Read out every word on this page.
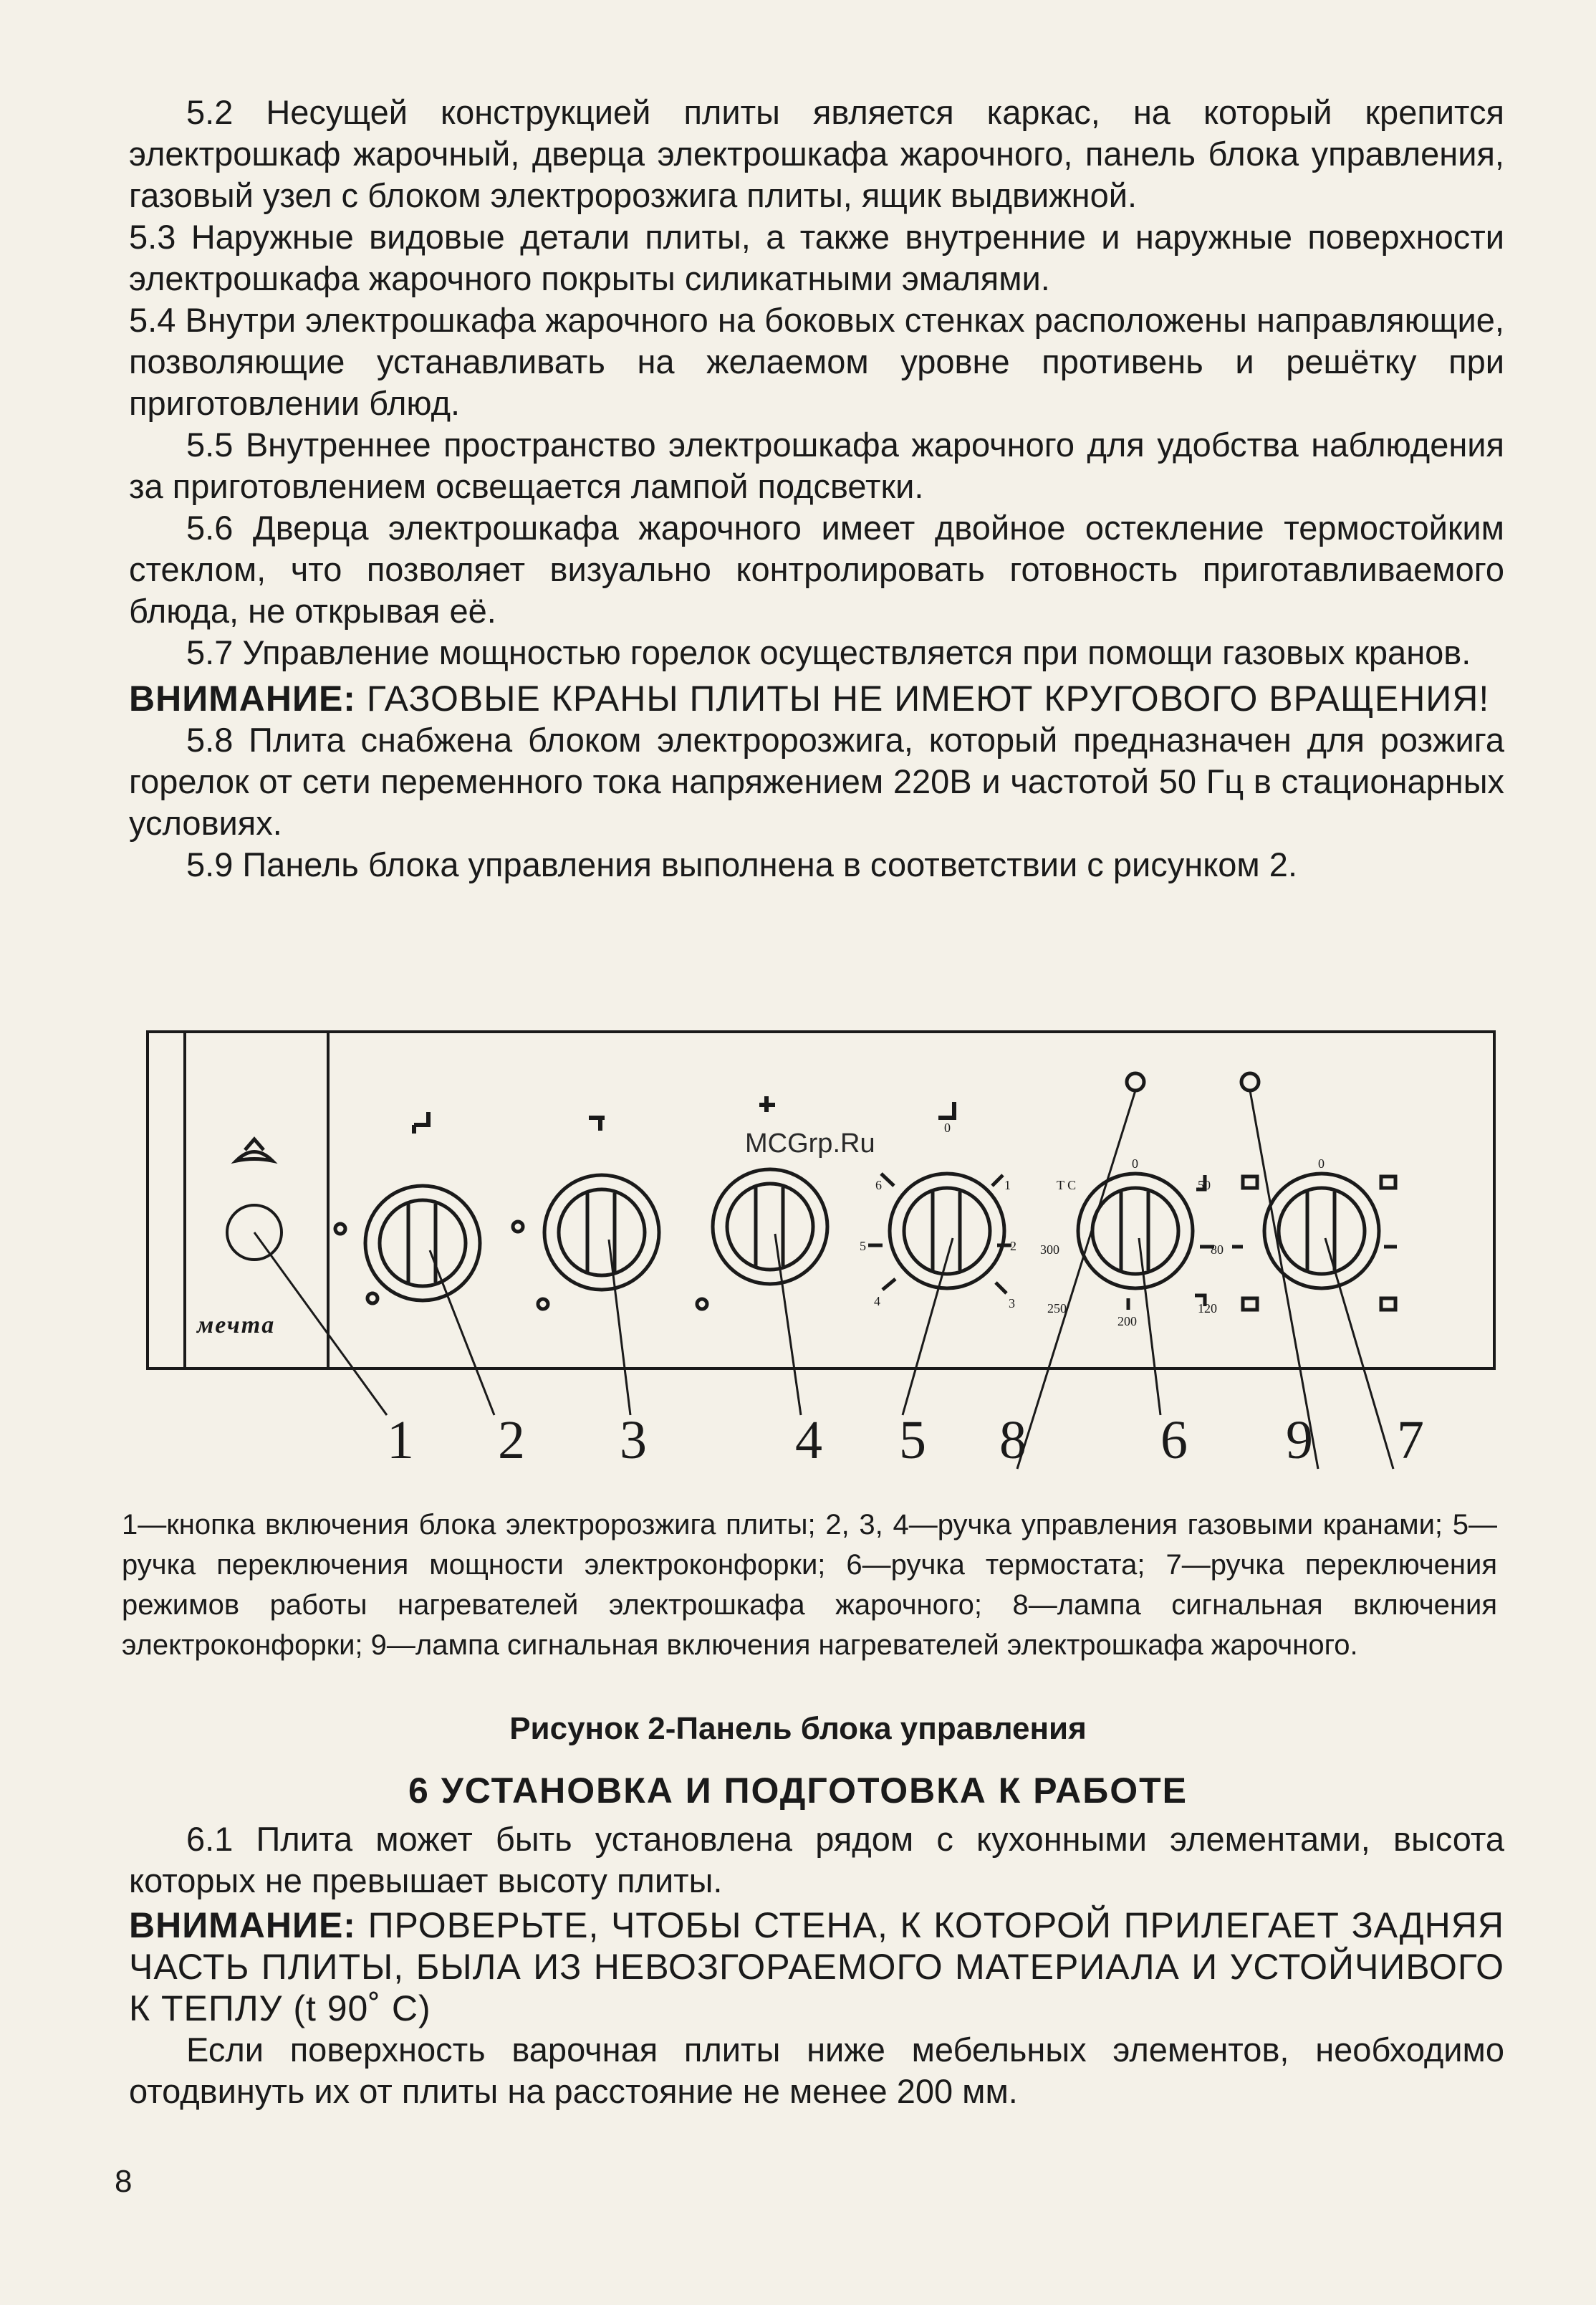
5.2 Несущей конструкцией плиты является каркас, на который крепится электрошкаф жарочный, дверца электрошкафа жарочного, панель блока управления, газовый узел с блоком электророзжига плиты, ящик выдвижной.

5.3 Наружные видовые детали плиты, а также внутренние и наружные поверхности электрошкафа жарочного покрыты силикатными эмалями.

5.4 Внутри электрошкафа жарочного на боковых стенках расположены направляющие, позволяющие устанавливать на желаемом уровне противень и решётку при приготовлении блюд.

5.5 Внутреннее пространство электрошкафа жарочного для удобства наблюдения за приготовлением освещается лампой подсветки.

5.6 Дверца электрошкафа жарочного имеет двойное остекление термостойким стеклом, что позволяет визуально контролировать готовность приготавливаемого блюда, не открывая её.

5.7 Управление мощностью горелок осуществляется при помощи газовых кранов.

ВНИМАНИЕ: ГАЗОВЫЕ КРАНЫ ПЛИТЫ НЕ ИМЕЮТ КРУГОВОГО ВРАЩЕНИЯ!

5.8 Плита снабжена блоком электророзжига, который предназначен для розжига горелок от сети переменного тока напряжением 220В и частотой 50 Гц в стационарных условиях.

5.9 Панель блока управления выполнена в соответствии с рисунком 2.

мечта
6
5
4
0
1
2
3
T C
0
50
80
120
200
250
300
0
1 2 3	4 5 8 6 9 7
MCGrp.Ru

1—кнопка включения блока электророзжига плиты; 2, 3, 4—ручка управления газовыми кранами; 5—ручка переключения мощности электроконфорки; 6—ручка термостата; 7—ручка переключения режимов работы нагревателей электрошкафа жарочного; 8—лампа сигнальная включения электроконфорки; 9—лампа сигнальная включения нагревателей электрошкафа жарочного.

Рисунок 2-Панель блока управления
6 УСТАНОВКА И ПОДГОТОВКА К РАБОТЕ

6.1 Плита может быть установлена рядом с кухонными элементами, высота которых не превышает высоту плиты.

ВНИМАНИЕ: ПРОВЕРЬТЕ, ЧТОБЫ СТЕНА, К КОТОРОЙ ПРИЛЕГАЕТ ЗАДНЯЯ ЧАСТЬ ПЛИТЫ, БЫЛА ИЗ НЕВОЗГОРАЕМОГО МАТЕРИАЛА И УСТОЙЧИВОГО К ТЕПЛУ (t 90˚ C)

Если поверхность варочная плиты ниже мебельных элементов, необходимо отодвинуть их от плиты на расстояние не менее 200 мм.

8
